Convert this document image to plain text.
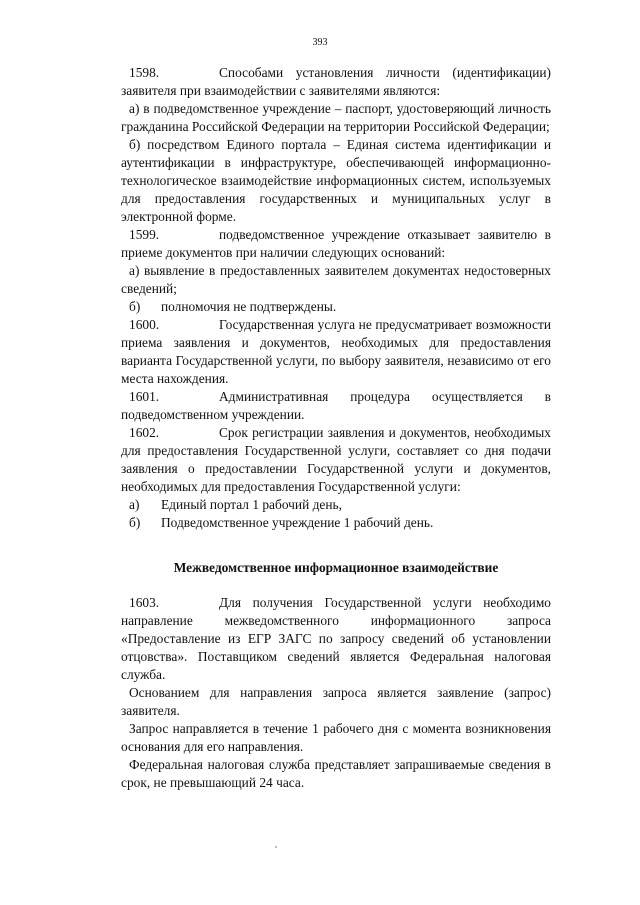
393

1598.	Способами установления личности (идентификации) заявителя при взаимодействии с заявителями являются:

а) в подведомственное учреждение – паспорт, удостоверяющий личность гражданина Российской Федерации на территории Российской Федерации;

б) посредством Единого портала – Единая система идентификации и аутентификации в инфраструктуре, обеспечивающей информационно-технологическое взаимодействие информационных систем, используемых для предоставления государственных и муниципальных услуг в электронной форме.

1599.	подведомственное учреждение отказывает заявителю в приеме документов при наличии следующих оснований:

а) выявление в предоставленных заявителем документах недостоверных сведений;

б) полномочия не подтверждены.

1600.	Государственная услуга не предусматривает возможности приема заявления и документов, необходимых для предоставления варианта Государственной услуги, по выбору заявителя, независимо от его места нахождения.

1601.	Административная процедура осуществляется в подведомственном учреждении.

1602.	Срок регистрации заявления и документов, необходимых для предоставления Государственной услуги, составляет со дня подачи заявления о предоставлении Государственной услуги и документов, необходимых для предоставления Государственной услуги:

а) Единый портал 1 рабочий день,

б) Подведомственное учреждение 1 рабочий день.

Межведомственное информационное взаимодействие

1603.	Для получения Государственной услуги необходимо направление межведомственного информационного запроса «Предоставление из ЕГР ЗАГС по запросу сведений об установлении отцовства». Поставщиком сведений является Федеральная налоговая служба.

Основанием для направления запроса является заявление (запрос) заявителя.

Запрос направляется в течение 1 рабочего дня с момента возникновения основания для его направления.

Федеральная налоговая служба представляет запрашиваемые сведения в срок, не превышающий 24 часа.
